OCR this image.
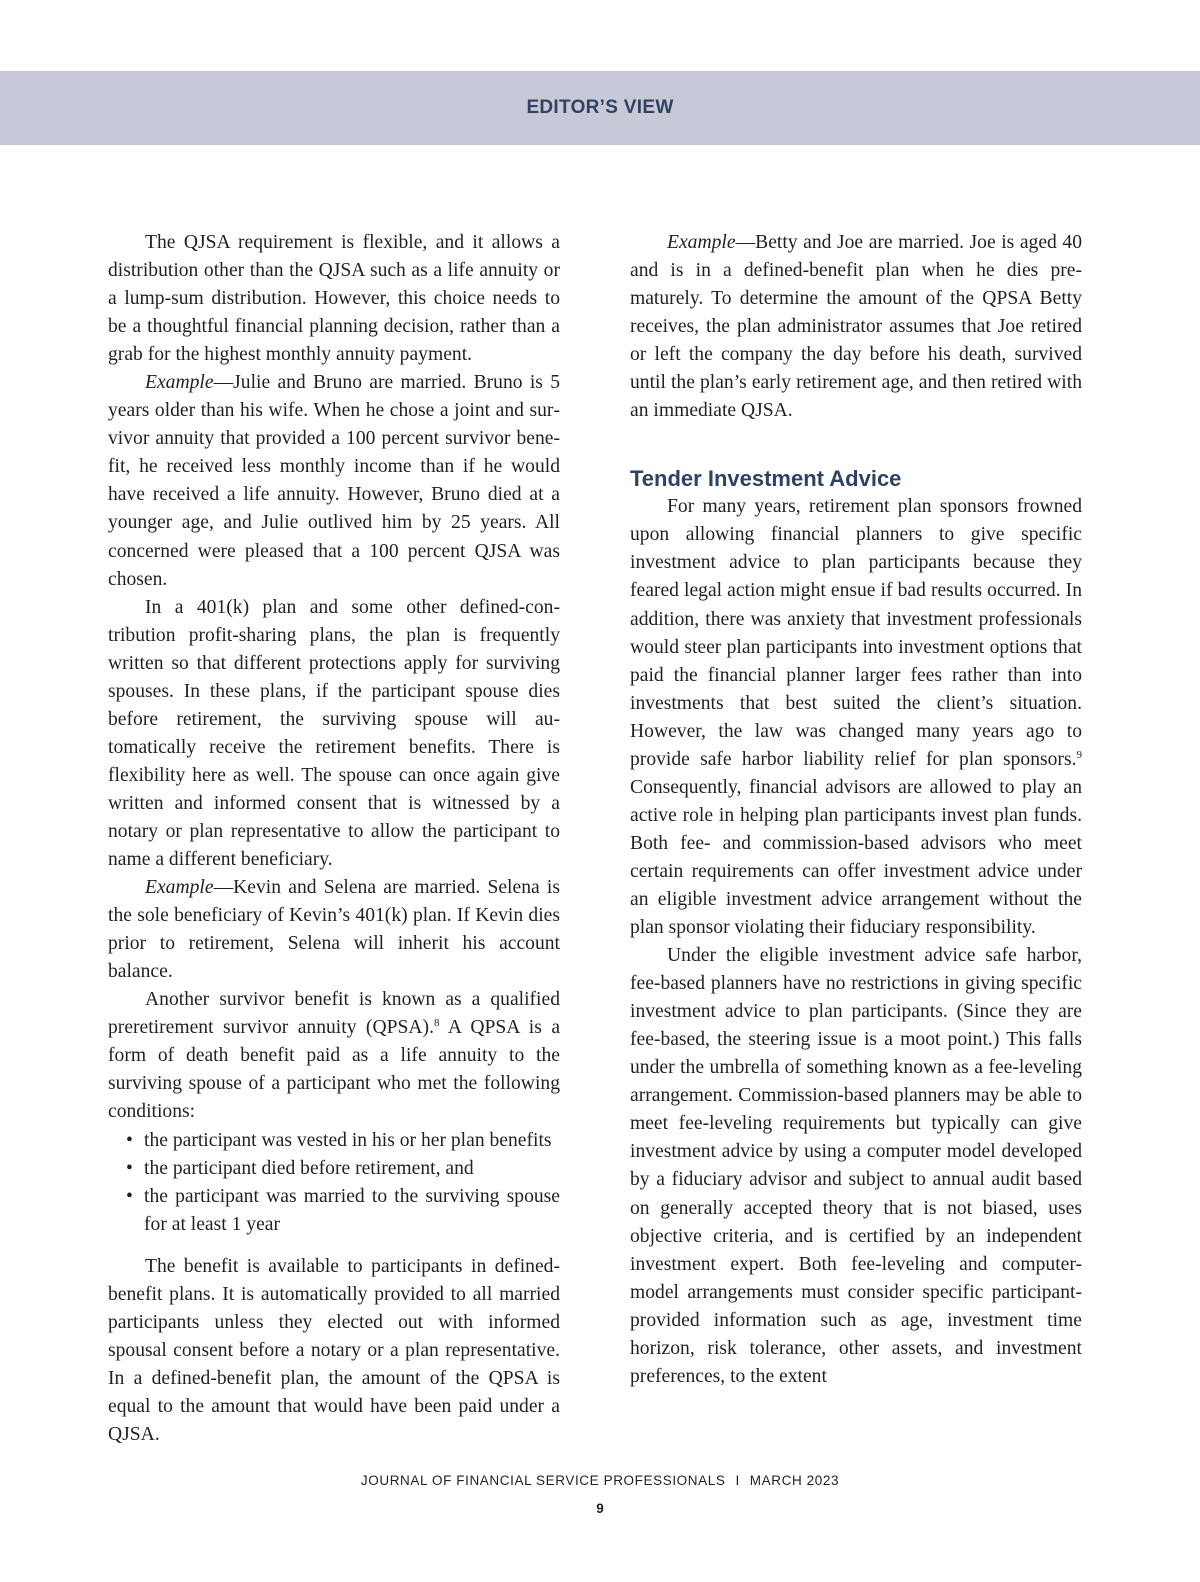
EDITOR’S VIEW

The QJSA requirement is flexible, and it allows a distribution other than the QJSA such as a life annuity or a lump-sum distribution. However, this choice needs to be a thoughtful financial planning decision, rather than a grab for the highest monthly annuity payment.

Example—Julie and Bruno are married. Bruno is 5 years older than his wife. When he chose a joint and survivor annuity that provided a 100 percent survivor benefit, he received less monthly income than if he would have received a life annuity. However, Bruno died at a younger age, and Julie outlived him by 25 years. All concerned were pleased that a 100 percent QJSA was chosen.

In a 401(k) plan and some other defined-contribution profit-sharing plans, the plan is frequently written so that different protections apply for surviving spouses. In these plans, if the participant spouse dies before retirement, the surviving spouse will automatically receive the retirement benefits. There is flexibility here as well. The spouse can once again give written and informed consent that is witnessed by a notary or plan representative to allow the participant to name a different beneficiary.

Example—Kevin and Selena are married. Selena is the sole beneficiary of Kevin’s 401(k) plan. If Kevin dies prior to retirement, Selena will inherit his account balance.

Another survivor benefit is known as a qualified preretirement survivor annuity (QPSA).$^8$ A QPSA is a form of death benefit paid as a life annuity to the surviving spouse of a participant who met the following conditions:

• the participant was vested in his or her plan benefits
• the participant died before retirement, and
• the participant was married to the surviving spouse for at least 1 year

The benefit is available to participants in defined-benefit plans. It is automatically provided to all married participants unless they elected out with informed spousal consent before a notary or a plan representative. In a defined-benefit plan, the amount of the QPSA is equal to the amount that would have been paid under a QJSA.

Example—Betty and Joe are married. Joe is aged 40 and is in a defined-benefit plan when he dies prematurely. To determine the amount of the QPSA Betty receives, the plan administrator assumes that Joe retired or left the company the day before his death, survived until the plan’s early retirement age, and then retired with an immediate QJSA.

Tender Investment Advice

For many years, retirement plan sponsors frowned upon allowing financial planners to give specific investment advice to plan participants because they feared legal action might ensue if bad results occurred. In addition, there was anxiety that investment professionals would steer plan participants into investment options that paid the financial planner larger fees rather than into investments that best suited the client’s situation. However, the law was changed many years ago to provide safe harbor liability relief for plan sponsors.$^9$ Consequently, financial advisors are allowed to play an active role in helping plan participants invest plan funds. Both fee- and commission-based advisors who meet certain requirements can offer investment advice under an eligible investment advice arrangement without the plan sponsor violating their fiduciary responsibility.

Under the eligible investment advice safe harbor, fee-based planners have no restrictions in giving specific investment advice to plan participants. (Since they are fee-based, the steering issue is a moot point.) This falls under the umbrella of something known as a fee-leveling arrangement. Commission-based planners may be able to meet fee-leveling requirements but typically can give investment advice by using a computer model developed by a fiduciary advisor and subject to annual audit based on generally accepted theory that is not biased, uses objective criteria, and is certified by an independent investment expert. Both fee-leveling and computer-model arrangements must consider specific participant-provided information such as age, investment time horizon, risk tolerance, other assets, and investment preferences, to the extent

JOURNAL OF FINANCIAL SERVICE PROFESSIONALS I MARCH 2023
9
